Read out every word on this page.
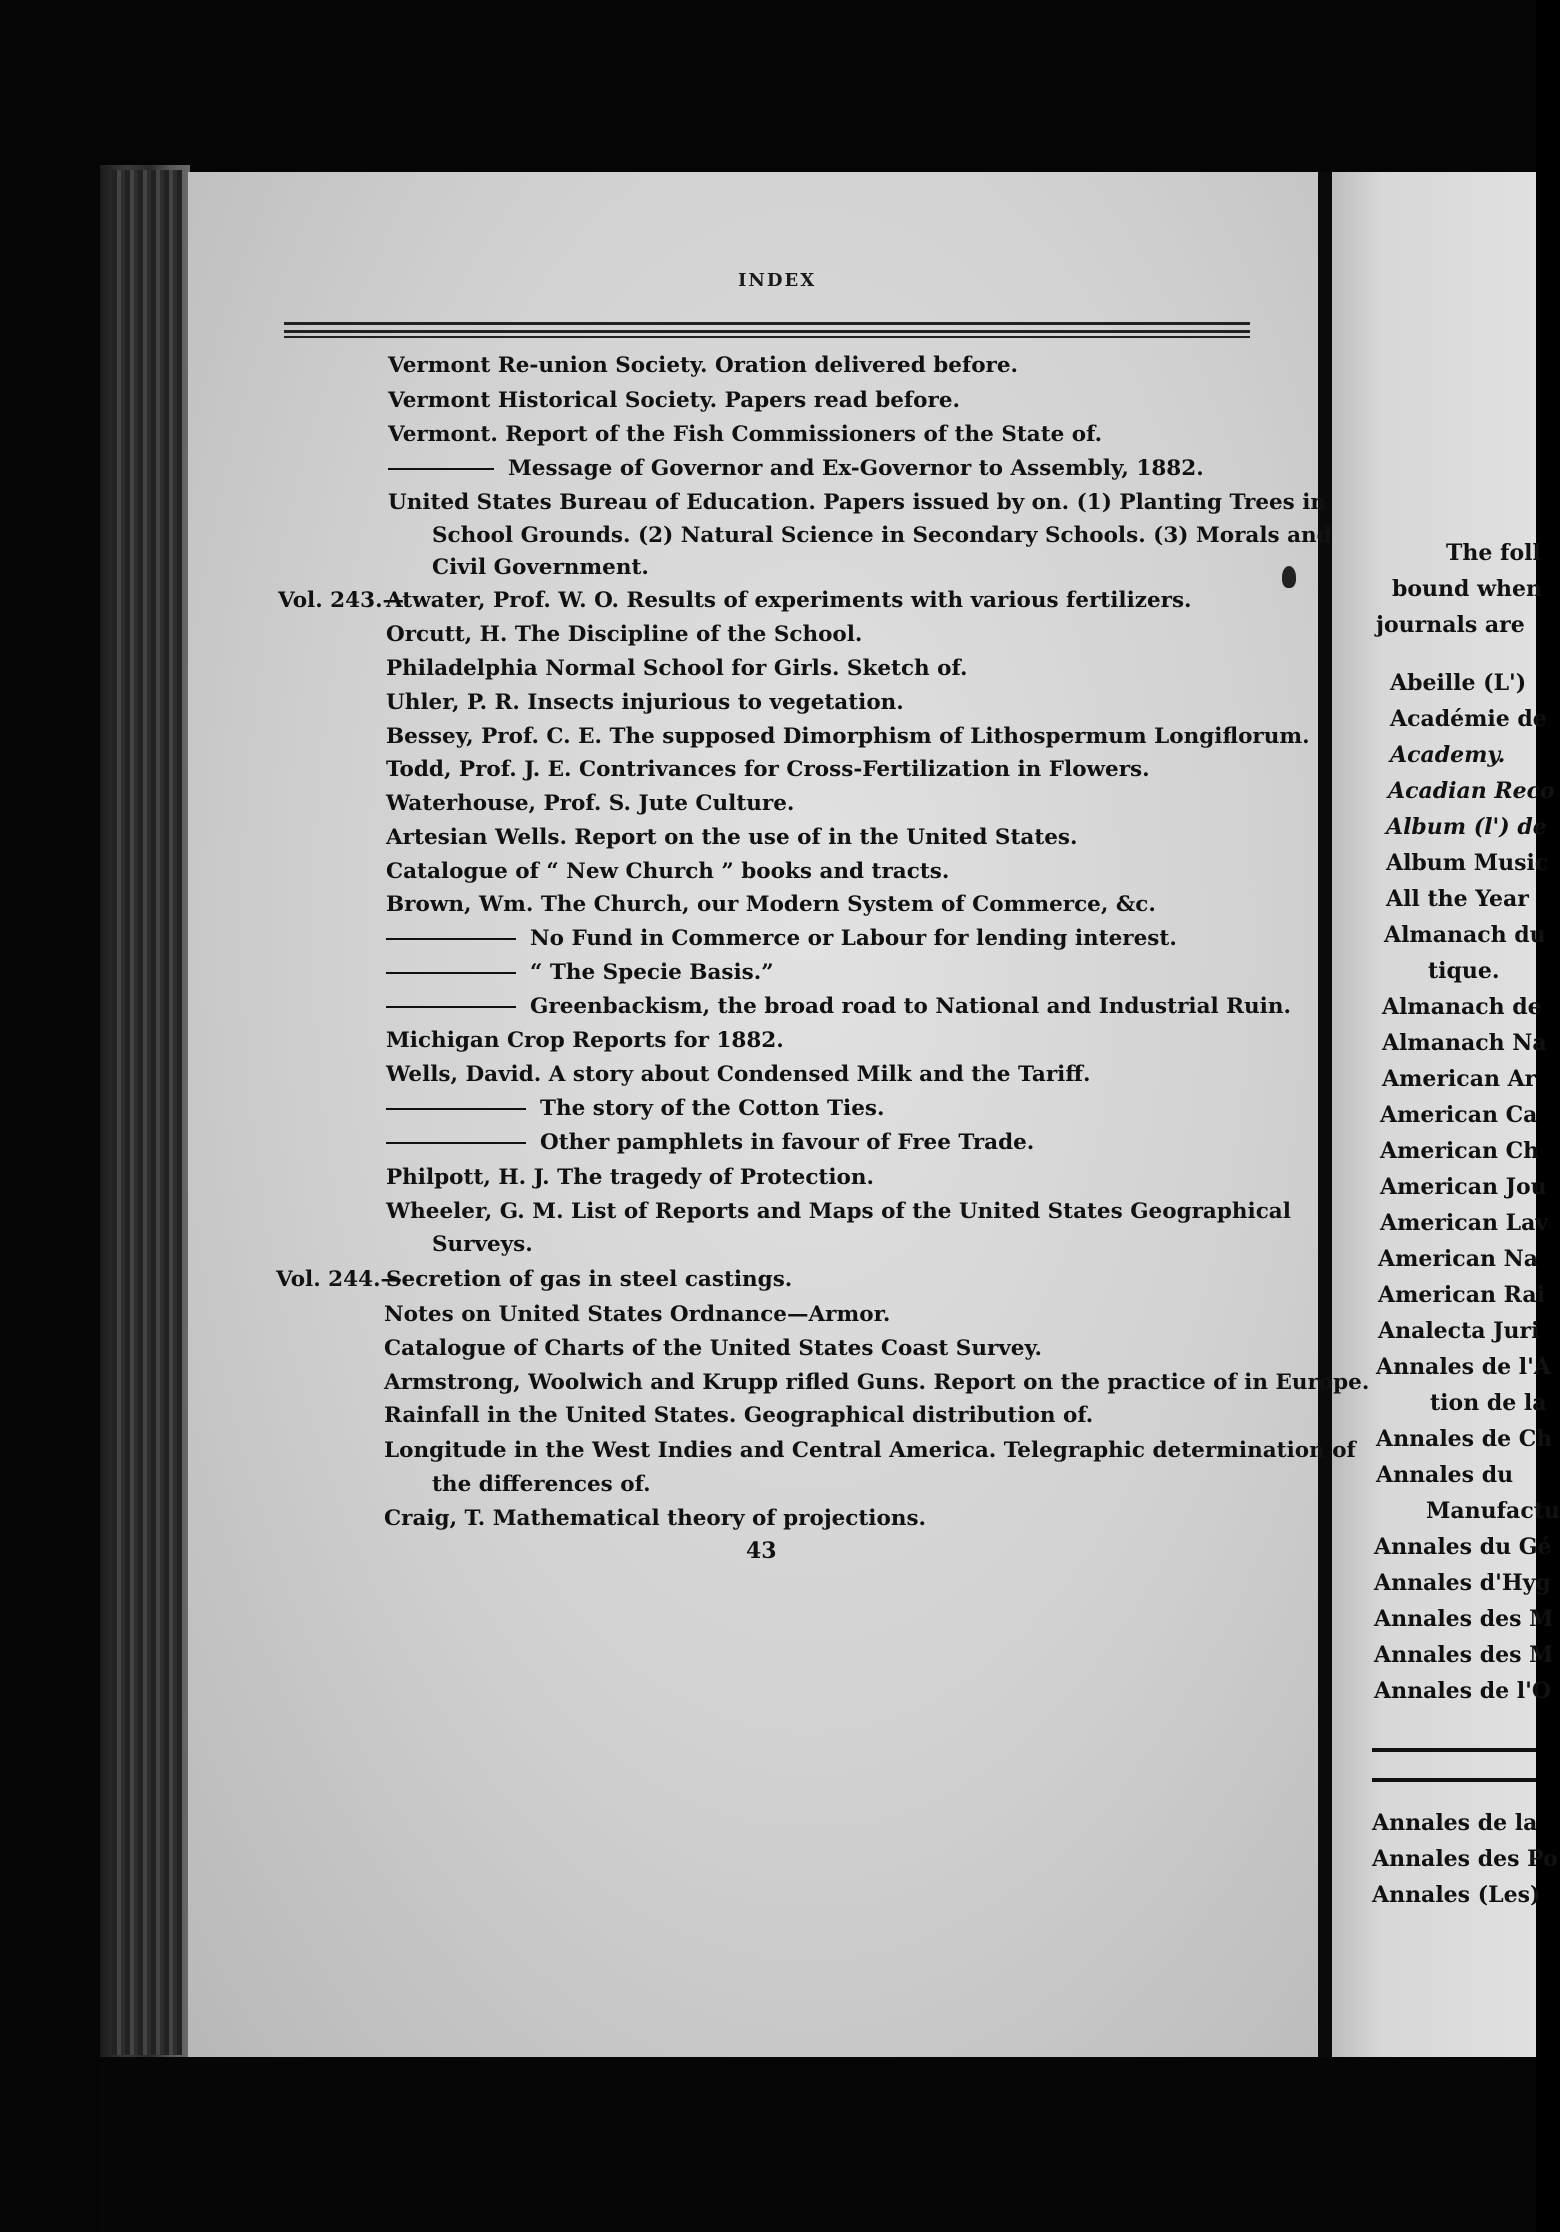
INDEX
Vermont Re-union Society. Oration delivered before.
Vermont Historical Society. Papers read before.
Vermont. Report of the Fish Commissioners of the State of.
Message of Governor and Ex-Governor to Assembly, 1882.
United States Bureau of Education. Papers issued by on. (1) Planting Trees in
School Grounds. (2) Natural Science in Secondary Schools. (3) Morals and
Civil Government.
Atwater, Prof. W. O. Results of experiments with various fertilizers.
Orcutt, H. The Discipline of the School.
Philadelphia Normal School for Girls. Sketch of.
Uhler, P. R. Insects injurious to vegetation.
Bessey, Prof. C. E. The supposed Dimorphism of Lithospermum Longiflorum.
Todd, Prof. J. E. Contrivances for Cross-Fertilization in Flowers.
Waterhouse, Prof. S. Jute Culture.
Artesian Wells. Report on the use of in the United States.
Catalogue of “ New Church ” books and tracts.
Brown, Wm. The Church, our Modern System of Commerce, &c.
No Fund in Commerce or Labour for lending interest.
“ The Specie Basis.”
Greenbackism, the broad road to National and Industrial Ruin.
Michigan Crop Reports for 1882.
Wells, David. A story about Condensed Milk and the Tariff.
The story of the Cotton Ties.
Other pamphlets in favour of Free Trade.
Philpott, H. J. The tragedy of Protection.
Wheeler, G. M. List of Reports and Maps of the United States Geographical
Surveys.
Secretion of gas in steel castings.
Notes on United States Ordnance—Armor.
Catalogue of Charts of the United States Coast Survey.
Armstrong, Woolwich and Krupp rifled Guns. Report on the practice of in Europe.
Rainfall in the United States. Geographical distribution of.
Longitude in the West Indies and Central America. Telegraphic determination of
the differences of.
Craig, T. Mathematical theory of projections.
Vol. 243.—
Vol. 244.—
43
The foll
bound when
journals are
Abeille (L')
Académie de
Academy.
Acadian Reco
Album (l') de
Album Music
All the Year
Almanach du
tique.
Almanach de
Almanach Na
American Ar
American Ca
American Ch
American Jou
American Lav
American Na
American Rai
Analecta Juri
Annales de l'A
tion de la
Annales de Ch
Annales du
Manufactu
Annales du Gé
Annales d'Hyg
Annales des M
Annales des M
Annales de l'O
Annales de la
Annales des Po
Annales (Les)
